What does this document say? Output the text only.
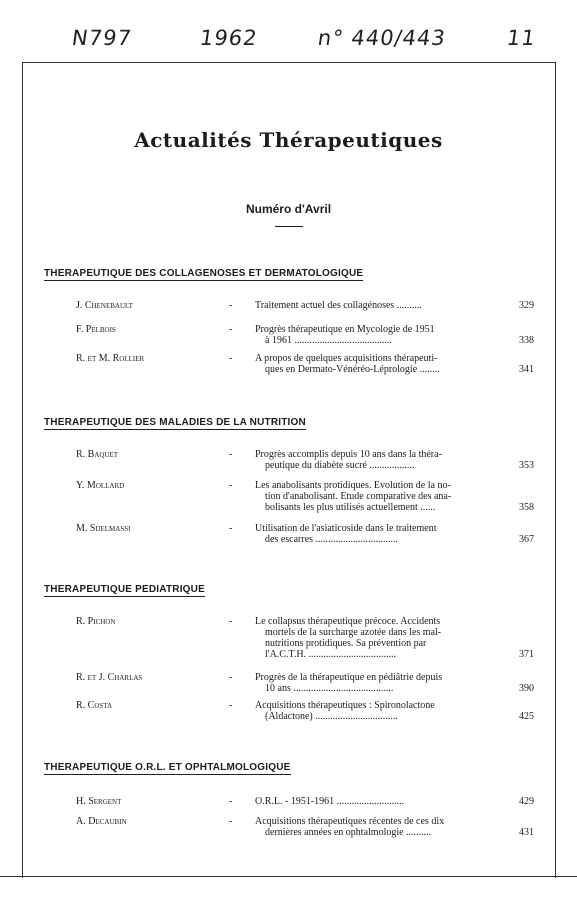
N797	1962	n° 440/443	11
Actualités Thérapeutiques
Numéro d'Avril
THERAPEUTIQUE DES COLLAGENOSES ET DERMATOLOGIQUE
J. Chenebault	- Traitement actuel des collagénoses ..........	329
F. Pelbois	- Progrès thérapeutique en Mycologie de 1951
à 1961 .......................................	338
R. et M. Rollier	- A propos de quelques acquisitions thérapeuti-
ques en Dermato-Vénéréo-Léprologie ........	341
THERAPEUTIQUE DES MALADIES DE LA NUTRITION
R. Baquet	- Progrès accomplis depuis 10 ans dans la théra-
peutique du diabète sucré ..................	353
Y. Mollard	- Les anabolisants protidiques. Evolution de la no-
tion d'anabolisant. Etude comparative des ana-
bolisants les plus utilisés actuellement ......	358
M. Sijelmassi	- Utilisation de l'asiaticoside dans le traitement
des escarres .................................	367
THERAPEUTIQUE PEDIATRIQUE
R. Pichon	- Le collapsus thérapeutique précoce. Accidents
mortels de la surcharge azotée dans les mal-
nutritions protidiques. Sa prévention par
l'A.C.T.H. ...................................	371
R. et J. Charlas	- Progrès de la thérapeutique en pédiâtrie depuis
10 ans ........................................	390
R. Costa	- Acquisitions thérapeutiques : Spironolactone
(Aldactone) .................................	425
THERAPEUTIQUE O.R.L. ET OPHTALMOLOGIQUE
H. Sergent	- O.R.L. - 1951-1961 ...........................	429
A. Decaubin	- Acquisitions thérapeutiques récentes de ces dix
dernières années en ophtalmologie ..........	431
